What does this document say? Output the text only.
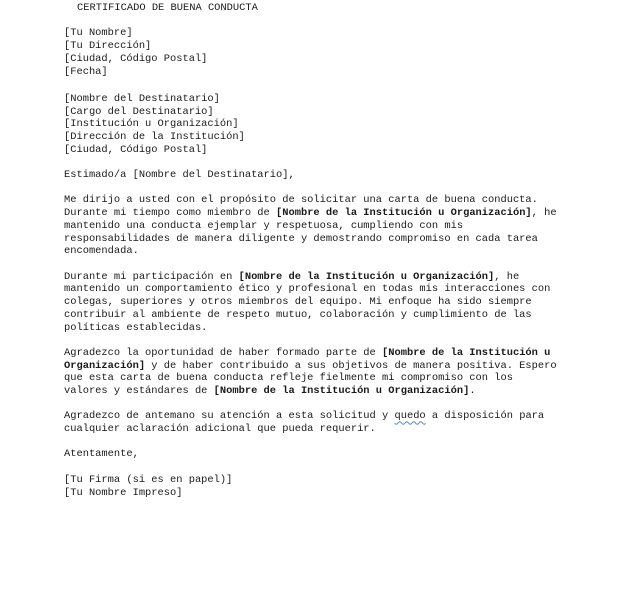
CERTIFICADO DE BUENA CONDUCTA
[Tu Nombre]
[Tu Dirección]
[Ciudad, Código Postal]
[Fecha]
[Nombre del Destinatario]
[Cargo del Destinatario]
[Institución u Organización]
[Dirección de la Institución]
[Ciudad, Código Postal]
Estimado/a [Nombre del Destinatario],
Me dirijo a usted con el propósito de solicitar una carta de buena conducta. Durante mi tiempo como miembro de [Nombre de la Institución u Organización], he mantenido una conducta ejemplar y respetuosa, cumpliendo con mis responsabilidades de manera diligente y demostrando compromiso en cada tarea encomendada.
Durante mi participación en [Nombre de la Institución u Organización], he mantenido un comportamiento ético y profesional en todas mis interacciones con colegas, superiores y otros miembros del equipo. Mi enfoque ha sido siempre contribuir al ambiente de respeto mutuo, colaboración y cumplimiento de las políticas establecidas.
Agradezco la oportunidad de haber formado parte de [Nombre de la Institución u Organización] y de haber contribuido a sus objetivos de manera positiva. Espero que esta carta de buena conducta refleje fielmente mi compromiso con los valores y estándares de [Nombre de la Institución u Organización].
Agradezco de antemano su atención a esta solicitud y quedo a disposición para cualquier aclaración adicional que pueda requerir.
Atentamente,
[Tu Firma (si es en papel)]
[Tu Nombre Impreso]
